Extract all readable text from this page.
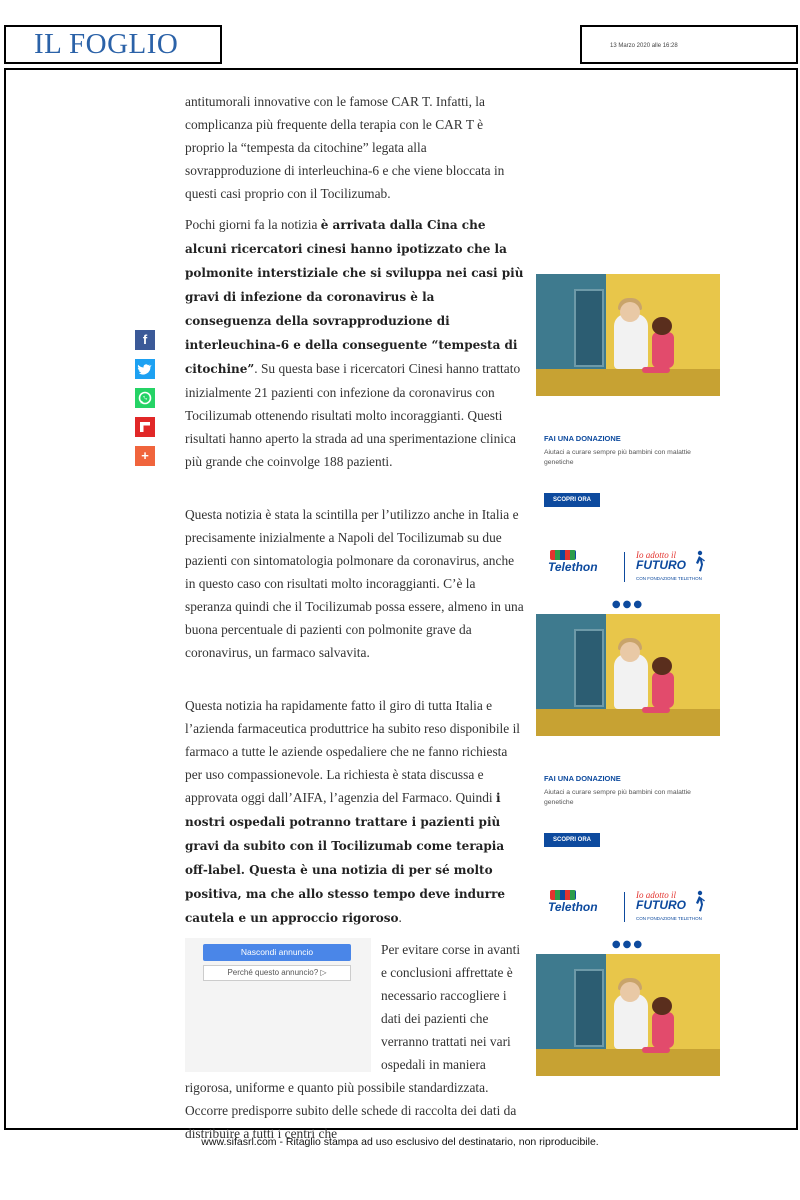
IL FOGLIO	13 Marzo 2020 alle 16:28
f
+

antitumorali innovative con le famose CAR T. Infatti, la complicanza più frequente della terapia con le CAR T è proprio la “tempesta da citochine” legata alla sovrapproduzione di interleuchina-6 e che viene bloccata in questi casi proprio con il Tocilizumab.

Pochi giorni fa la notizia è arrivata dalla Cina che alcuni ricercatori cinesi hanno ipotizzato che la polmonite interstiziale che si sviluppa nei casi più gravi di infezione da coronavirus è la conseguenza della sovrapproduzione di interleuchina-6 e della conseguente “tempesta di citochine”. Su questa base i ricercatori Cinesi hanno trattato inizialmente 21 pazienti con infezione da coronavirus con Tocilizumab ottenendo risultati molto incoraggianti. Questi risultati hanno aperto la strada ad una sperimentazione clinica più grande che coinvolge 188 pazienti.

Questa notizia è stata la scintilla per l’utilizzo anche in Italia e precisamente inizialmente a Napoli del Tocilizumab su due pazienti con sintomatologia polmonare da coronavirus, anche in questo caso con risultati molto incoraggianti. C’è la speranza quindi che il Tocilizumab possa essere, almeno in una buona percentuale di pazienti con polmonite grave da coronavirus, un farmaco salvavita.

Questa notizia ha rapidamente fatto il giro di tutta Italia e l’azienda farmaceutica produttrice ha subito reso disponibile il farmaco a tutte le aziende ospedaliere che ne fanno richiesta per uso compassionevole. La richiesta è stata discussa e approvata oggi dall’AIFA, l’agenzia del Farmaco. Quindi i nostri ospedali potranno trattare i pazienti più gravi da subito con il Tocilizumab come terapia off-label. Questa è una notizia di per sé molto positiva, ma che allo stesso tempo deve indurre cautela e un approccio rigoroso.

Nascondi annuncio
Perché questo annuncio? ▷

Per evitare corse in avanti e conclusioni affrettate è necessario raccogliere i dati dei pazienti che verranno trattati nei vari ospedali in maniera rigorosa, uniforme e quanto più possibile standardizzata. Occorre predisporre subito delle schede di raccolta dei dati da distribuire a tutti i centri che

FAI UNA DONAZIONE
Aiutaci a curare sempre più bambini con malattie genetiche
SCOPRI ORA
Telethon
Io adotto il
FUTURO
CON FONDAZIONE TELETHON
●●●
FAI UNA DONAZIONE
Aiutaci a curare sempre più bambini con malattie genetiche
SCOPRI ORA
Telethon
Io adotto il
FUTURO
CON FONDAZIONE TELETHON
●●●
www.sifasrl.com - Ritaglio stampa ad uso esclusivo del destinatario, non riproducibile.
